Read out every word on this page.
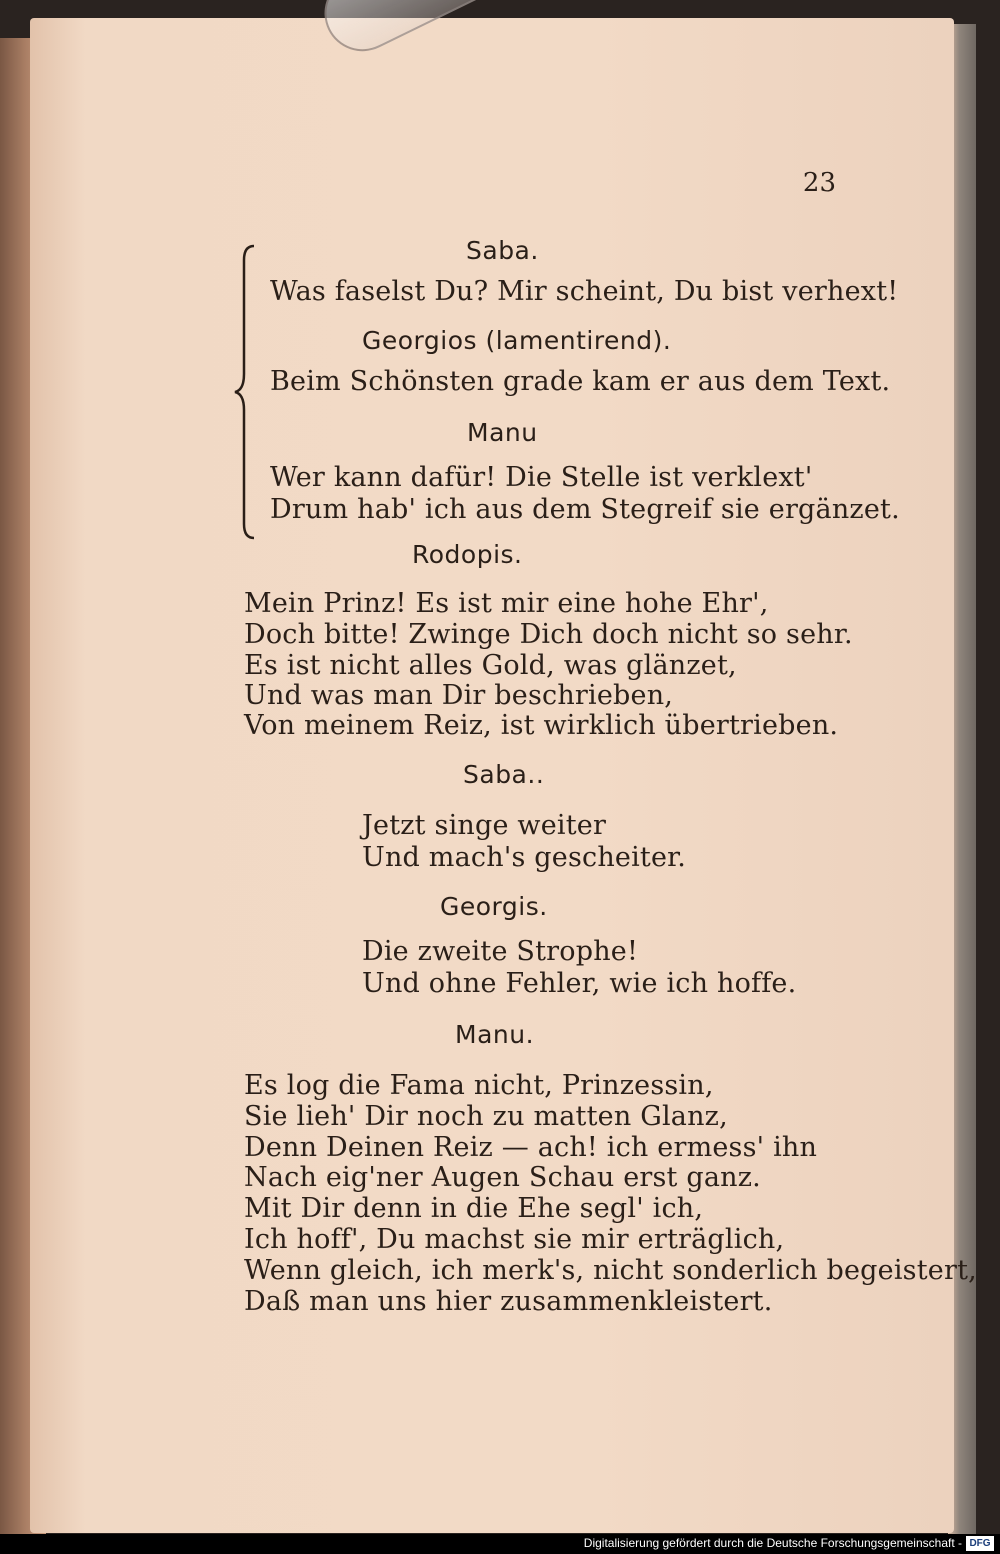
23
Saba.
Was faselst Du? Mir scheint, Du bist verhext!
Georgios (lamentirend).
Beim Schönsten grade kam er aus dem Text.
Manu
Wer kann dafür! Die Stelle ist verklext'
Drum hab' ich aus dem Stegreif sie ergänzet.
Rodopis.
Mein Prinz! Es ist mir eine hohe Ehr',
Doch bitte! Zwinge Dich doch nicht so sehr.
Es ist nicht alles Gold, was glänzet,
Und was man Dir beschrieben,
Von meinem Reiz, ist wirklich übertrieben.
Saba..
Jetzt singe weiter
Und mach's gescheiter.
Georgis.
Die zweite Strophe!
Und ohne Fehler, wie ich hoffe.
Manu.
Es log die Fama nicht, Prinzessin,
Sie lieh' Dir noch zu matten Glanz,
Denn Deinen Reiz — ach! ich ermess' ihn
Nach eig'ner Augen Schau erst ganz.
Mit Dir denn in die Ehe segl' ich,
Ich hoff', Du machst sie mir erträglich,
Wenn gleich, ich merk's, nicht sonderlich begeistert,
Daß man uns hier zusammenkleistert.
Digitalisierung gefördert durch die Deutsche Forschungsgemeinschaft - DFG
